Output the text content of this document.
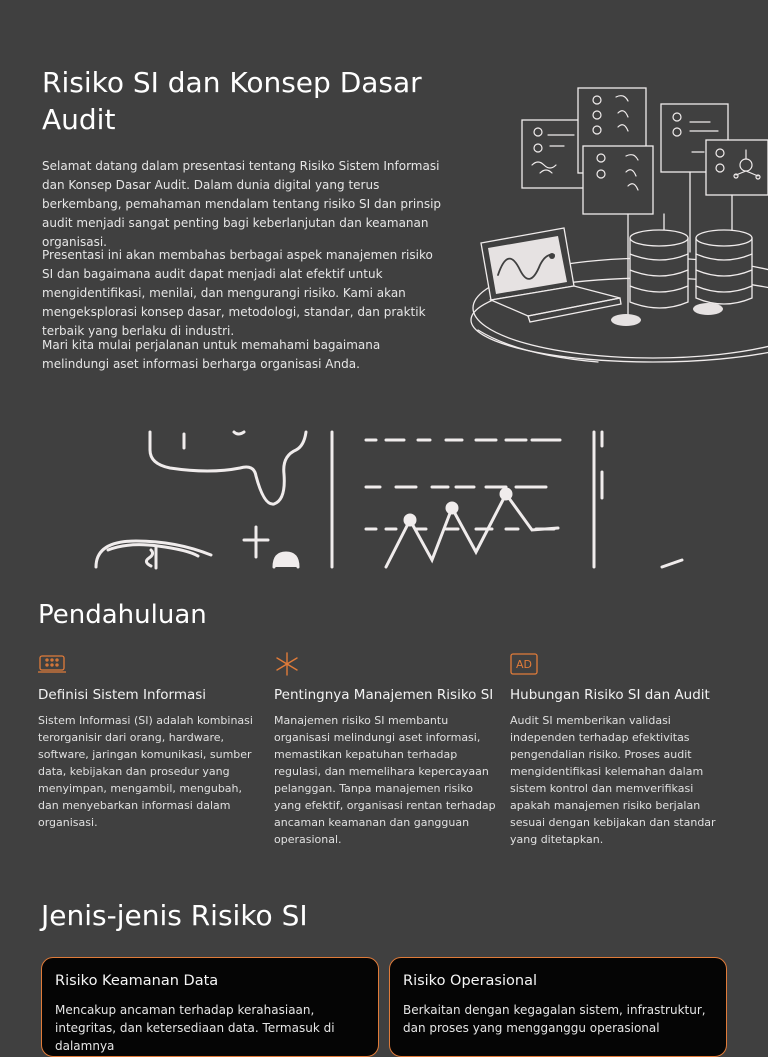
Risiko SI dan Konsep Dasar Audit

Selamat datang dalam presentasi tentang Risiko Sistem Informasi dan Konsep Dasar Audit. Dalam dunia digital yang terus berkembang, pemahaman mendalam tentang risiko SI dan prinsip audit menjadi sangat penting bagi keberlanjutan dan keamanan organisasi.

Presentasi ini akan membahas berbagai aspek manajemen risiko SI dan bagaimana audit dapat menjadi alat efektif untuk mengidentifikasi, menilai, dan mengurangi risiko. Kami akan mengeksplorasi konsep dasar, metodologi, standar, dan praktik terbaik yang berlaku di industri.

Mari kita mulai perjalanan untuk memahami bagaimana melindungi aset informasi berharga organisasi Anda.

Pendahuluan
Definisi Sistem Informasi

Sistem Informasi (SI) adalah kombinasi terorganisir dari orang, hardware, software, jaringan komunikasi, sumber data, kebijakan dan prosedur yang menyimpan, mengambil, mengubah, dan menyebarkan informasi dalam organisasi.

Pentingnya Manajemen Risiko SI

Manajemen risiko SI membantu organisasi melindungi aset informasi, memastikan kepatuhan terhadap regulasi, dan memelihara kepercayaan pelanggan. Tanpa manajemen risiko yang efektif, organisasi rentan terhadap ancaman keamanan dan gangguan operasional.

AD
Hubungan Risiko SI dan Audit

Audit SI memberikan validasi independen terhadap efektivitas pengendalian risiko. Proses audit mengidentifikasi kelemahan dalam sistem kontrol dan memverifikasi apakah manajemen risiko berjalan sesuai dengan kebijakan dan standar yang ditetapkan.

Jenis-jenis Risiko SI
Risiko Keamanan Data

Mencakup ancaman terhadap kerahasiaan, integritas, dan ketersediaan data. Termasuk di dalamnya

Risiko Operasional

Berkaitan dengan kegagalan sistem, infrastruktur, dan proses yang mengganggu operasional
